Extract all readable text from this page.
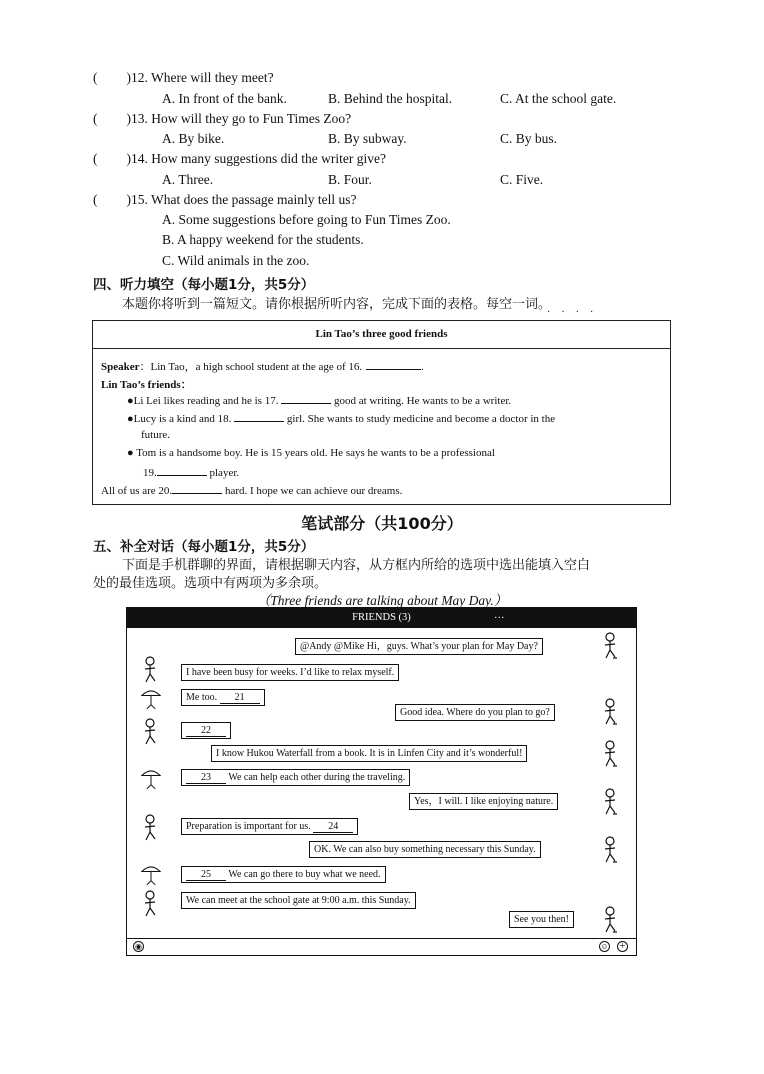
( )12. Where will they meet?
A. In front of the bank.	B. Behind the hospital.	C. At the school gate.
( )13. How will they go to Fun Times Zoo?
A. By bike.	B. By subway.	C. By bus.
( )14. How many suggestions did the writer give?
A. Three.	B. Four.	C. Five.
( )15. What does the passage mainly tell us?
A. Some suggestions before going to Fun Times Zoo.
B. A happy weekend for the students.
C. Wild animals in the zoo.
四、听力填空（每小题1分，共5分）
本题你将听到一篇短文。请你根据所听内容，完成下面的表格。每空一词。
····
Lin Tao’s three good friends
Speaker：Lin Tao，a high school student at the age of 16.	.
Lin Tao’s friends：
●Li Lei likes reading and he is 17.	good at writing. He wants to be a writer.
●Lucy is a kind and 18.	girl. She wants to study medicine and become a doctor in the
future.
● Tom is a handsome boy. He is 15 years old. He says he wants to be a professional
19.	player.
All of us are 20.	hard. I hope we can achieve our dreams.
笔试部分（共100分）
五、补全对话（每小题1分，共5分）
下面是手机群聊的界面，请根据聊天内容，从方框内所给的选项中选出能填入空白
处的最佳选项。选项中有两项为多余项。
（Three friends are talking about May Day.）
FRIENDS (3)	…
@Andy @Mike Hi，guys. What’s your plan for May Day?
I have been busy for weeks. I’d like to relax myself.
Me too. 21
Good idea. Where do you plan to go?
22
I know Hukou Waterfall from a book. It is in Linfen City and it’s wonderful!
23 We can help each other during the traveling.
Yes，I will. I like enjoying nature.
Preparation is important for us. 24
OK. We can also buy something necessary this Sunday.
25 We can go there to buy what we need.
We can meet at the school gate at 9:00 a.m. this Sunday.
See you then!
◉	☺ +
